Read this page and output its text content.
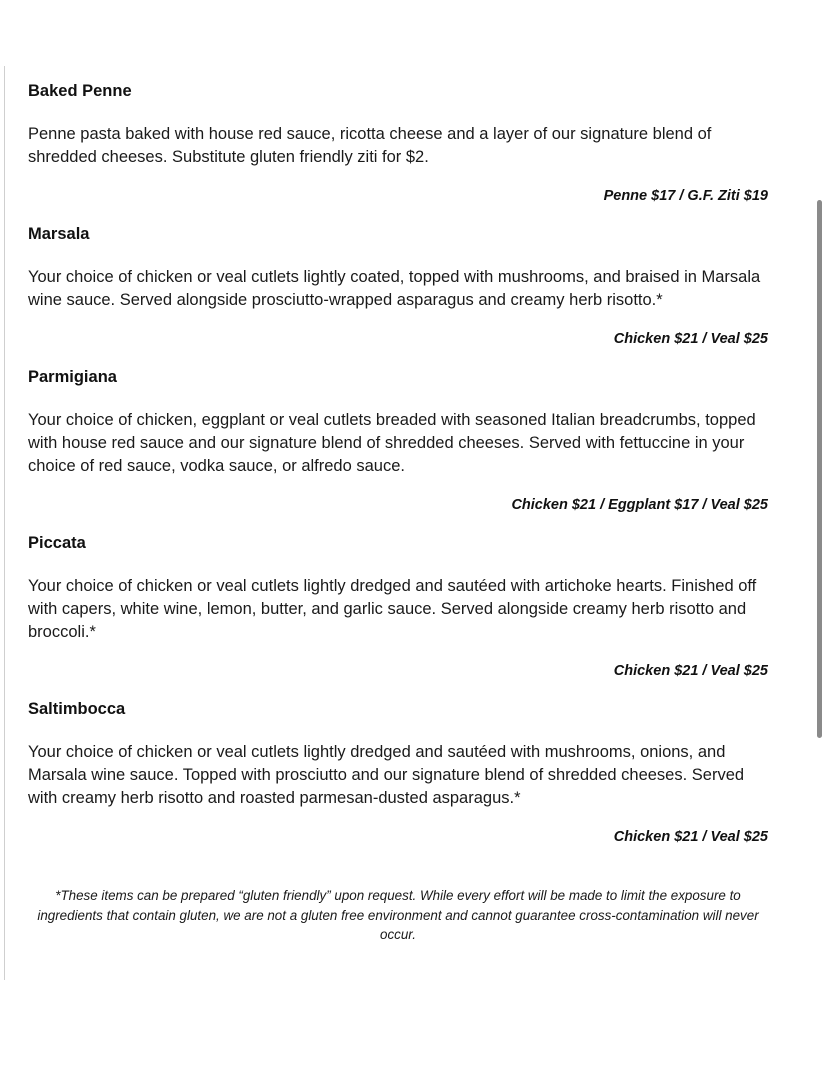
Baked Penne

Penne pasta baked with house red sauce, ricotta cheese and a layer of our signature blend of shredded cheeses. Substitute gluten friendly ziti for $2.

Penne $17 / G.F. Ziti $19

Marsala

Your choice of chicken or veal cutlets lightly coated, topped with mushrooms, and braised in Marsala wine sauce. Served alongside prosciutto-wrapped asparagus and creamy herb risotto.*

Chicken $21 / Veal $25

Parmigiana

Your choice of chicken, eggplant or veal cutlets breaded with seasoned Italian breadcrumbs, topped with house red sauce and our signature blend of shredded cheeses. Served with fettuccine in your choice of red sauce, vodka sauce, or alfredo sauce.

Chicken $21 / Eggplant $17 / Veal $25

Piccata

Your choice of chicken or veal cutlets lightly dredged and sautéed with artichoke hearts. Finished off with capers, white wine, lemon, butter, and garlic sauce. Served alongside creamy herb risotto and broccoli.*

Chicken $21 / Veal $25

Saltimbocca

Your choice of chicken or veal cutlets lightly dredged and sautéed with mushrooms, onions, and Marsala wine sauce. Topped with prosciutto and our signature blend of shredded cheeses. Served with creamy herb risotto and roasted parmesan-dusted asparagus.*

Chicken $21 / Veal $25

*These items can be prepared “gluten friendly” upon request. While every effort will be made to limit the exposure to ingredients that contain gluten, we are not a gluten free environment and cannot guarantee cross-contamination will never occur.
